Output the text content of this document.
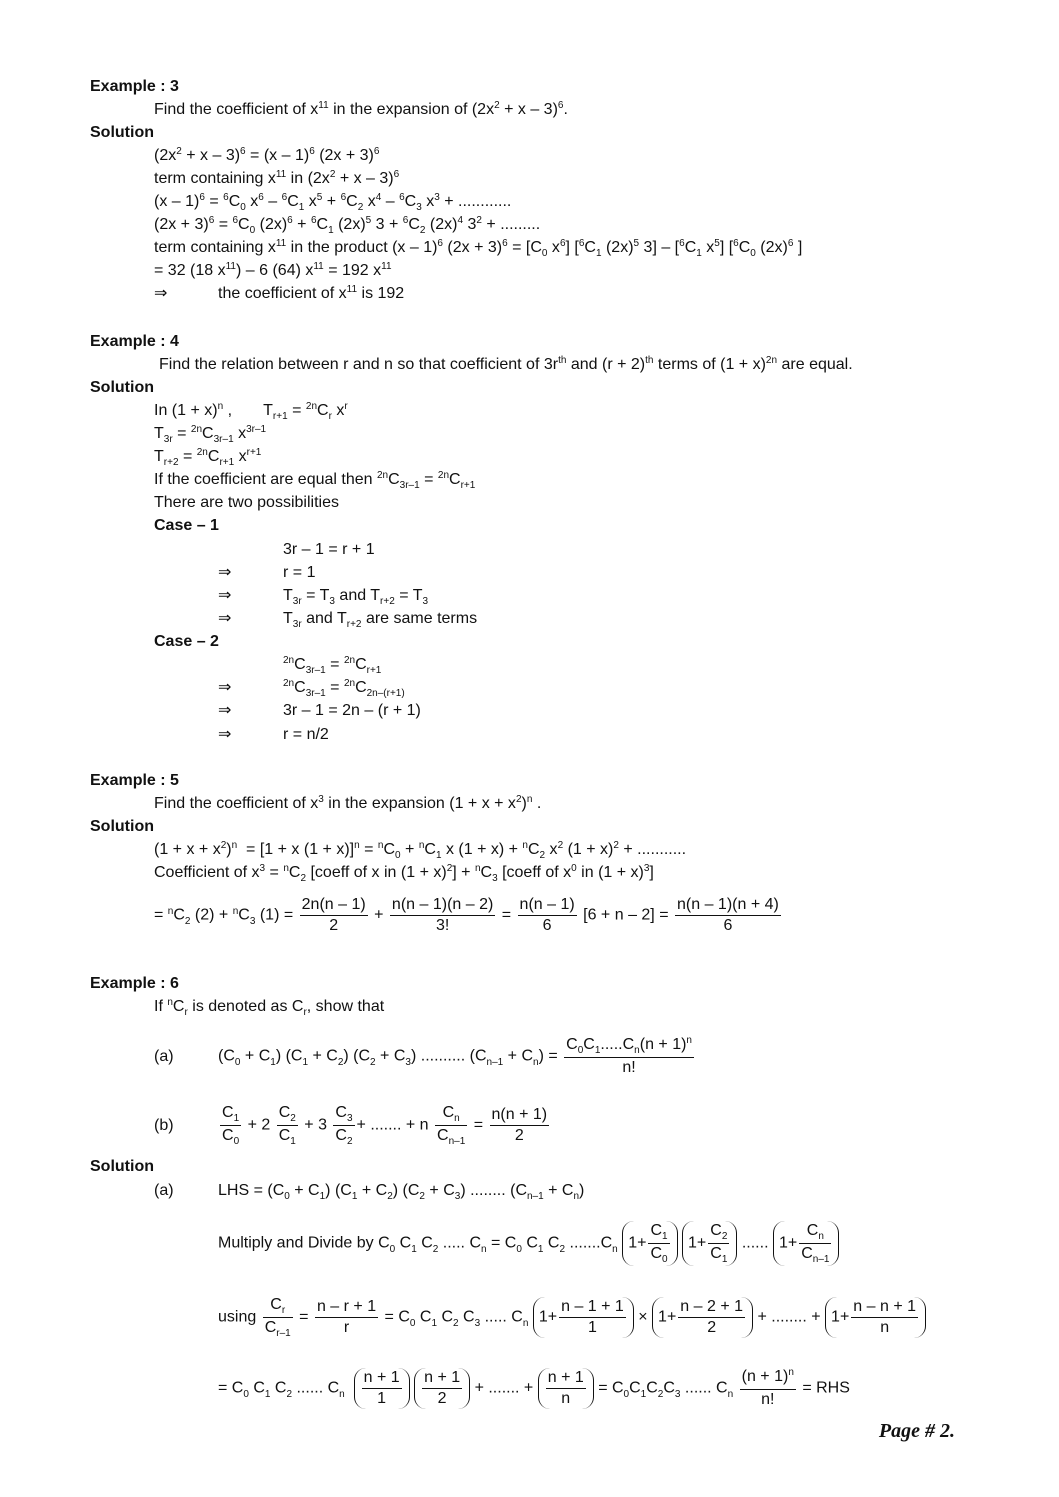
Example : 3
Find the coefficient of $x^{11}$ in the expansion of $(2x^2 + x - 3)^6$.
Solution
$(2x^2 + x - 3)^6 = (x - 1)^6$ $(2x + 3)^6$
term containing $x^{11}$ in $(2x^2 + x - 3)^6$
$(x - 1)^6 = ^6C_0$ $x^6 - ^6C_1$ $x^5 + ^6C_2$ $x^4 - ^6C_3$ $x^3$ + ............
$(2x + 3)^6 = ^6C_0$ $(2x)^6 + ^6C_1$ $(2x)^5$ $3 + ^6C_2$ $(2x)^4$ $3^2$ + .........
term containing $x^{11}$ in the product (x – 1)$^6$ $(2x + 3)^6 = [C_0$ $x^6$] [$^6C_1$ $(2x)^5$ $3] - [^6C_1$ $x^5$] [$^6C_0$ $(2x)^6$ ]
= 32 (18 $x^{11}) - 6$ (64) $x^{11} = 192$ $x^{11}$
⇒	the coefficient of $x^{11}$ is 192
Example : 4
Find the relation between r and n so that coefficient of $3r^{th}$ and $(r + 2)^{th}$ terms of $(1 + x)^{2n}$ are equal.
Solution
In $(1 + x)^n$ ,       $T_{r+1} = ^{2n}C_r$ $x^r$
$T_{3r} = ^{2n}C_{3r-1}$ $x^{3r-1}$
$T_{r+2} = ^{2n}C_{r+1}$ $x^{r+1}$
If the coefficient are equal then $^{2n}C_{3r-1} = ^{2n}C_{r+1}$
There are two possibilities
Case – 1
3r – 1 = r + 1
⇒	r = 1
⇒	$T_{3r} = T_3$ and $T_{r+2} = T_3$
⇒	$T_{3r}$ and $T_{r+2}$ are same terms
Case – 2
$^{2n}C_{3r-1} = ^{2n}C_{r+1}$
⇒	$^{2n}C_{3r-1} = ^{2n}C_{2n-(r+1)}$
⇒	3r – 1 = 2n – (r + 1)
⇒	r = n/2
Example : 5
Find the coefficient of $x^3$ in the expansion $(1 + x + x^2)^n$ .
Solution
$(1 + x + x^2)^n = [1 + x$ $(1 + x)]^n = ^nC_0 + ^nC_1$ x $(1 + x) + ^nC_2$ $x^2$ $(1 + x)^2$ + ...........
Coefficient of $x^3 = ^nC_2$ [coeff of x in $(1 + x)^2] + ^nC_3$ [coeff of $x^0$ in $(1 + x)^3$]
= $^nC_2$ $(2) + ^nC_3$ $(1) = \frac{2n(n - 1)}{2} + \frac{n(n - 1)(n - 2)}{3!} = \frac{n(n - 1)}{6} [6 + n - 2] = \frac{n(n - 1)(n + 4)}{6}$
Example : 6
If $^nC_r$ is denoted as $C_r$, show that
(a)	$(C_0 + C_1) (C_1 + C_2) (C_2 + C_3)$ .......... $(C_{n-1} + C_n) = \frac{C_0C_1.....C_n(n + 1)^n}{n!}$
(b)	$\frac{C_1}{C_0} + 2 \frac{C_2}{C_1} + 3 \frac{C_3}{C_2}$ + ....... + n $\frac{C_n}{C_{n-1}} = \frac{n(n + 1)}{2}$
Solution
(a)	LHS = $(C_0 + C_1) (C_1 + C_2) (C_2 + C_3)$ ........ $(C_{n-1} + C_n)$
Multiply and Divide by $C_0$ $C_1$ $C_2$ ..... $C_n = C_0$ $C_1$ $C_2$ $.......C_n$ $1+ \frac{C_1}{C_0} 1+ \frac{C_2}{C_1}$ ...... $1+ \frac{C_n}{C_{n-1}}$
using $\frac{C_r}{C_{r-1}} = \frac{n - r + 1}{r} = C_0$ $C_1$ $C_2$ $C_3$ ..... $C_n$ $1+ \frac{n - 1 + 1}{1} \times 1+ \frac{n - 2 + 1}{2}$ + ........ + $1+ \frac{n - n + 1}{n}$
= $C_0$ $C_1$ $C_2$ ...... $C_n \frac{n + 1}{1}$
$\frac{n + 1}{2}$ + ....... + $\frac{n + 1}{n} = C_0C_1C_2C_3$ ...... $C_n \frac{(n + 1)^n}{n!}$ = RHS
Page # 2.
